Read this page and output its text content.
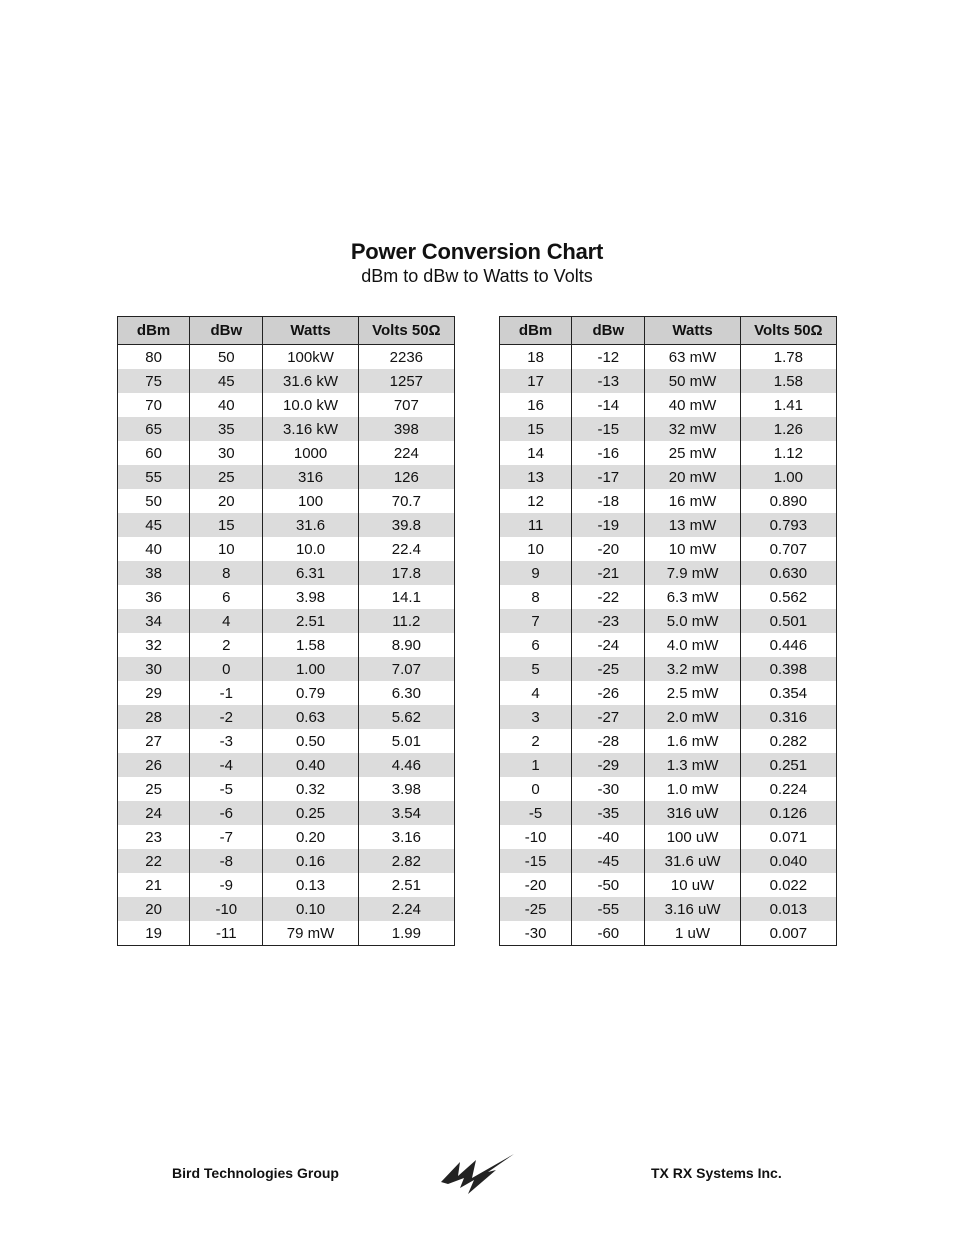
Power Conversion Chart
dBm to dBw to Watts to Volts
dBm	dBw	Watts	Volts 50Ω
80	50	100kW	2236
75	45	31.6 kW	1257
70	40	10.0 kW	707
65	35	3.16 kW	398
60	30	1000	224
55	25	316	126
50	20	100	70.7
45	15	31.6	39.8
40	10	10.0	22.4
38	8	6.31	17.8
36	6	3.98	14.1
34	4	2.51	11.2
32	2	1.58	8.90
30	0	1.00	7.07
29	-1	0.79	6.30
28	-2	0.63	5.62
27	-3	0.50	5.01
26	-4	0.40	4.46
25	-5	0.32	3.98
24	-6	0.25	3.54
23	-7	0.20	3.16
22	-8	0.16	2.82
21	-9	0.13	2.51
20	-10	0.10	2.24
19	-11	79 mW	1.99
dBm	dBw	Watts	Volts 50Ω
18	-12	63 mW	1.78
17	-13	50 mW	1.58
16	-14	40 mW	1.41
15	-15	32 mW	1.26
14	-16	25 mW	1.12
13	-17	20 mW	1.00
12	-18	16 mW	0.890
11	-19	13 mW	0.793
10	-20	10 mW	0.707
9	-21	7.9 mW	0.630
8	-22	6.3 mW	0.562
7	-23	5.0 mW	0.501
6	-24	4.0 mW	0.446
5	-25	3.2 mW	0.398
4	-26	2.5 mW	0.354
3	-27	2.0 mW	0.316
2	-28	1.6 mW	0.282
1	-29	1.3 mW	0.251
0	-30	1.0 mW	0.224
-5	-35	316 uW	0.126
-10	-40	100 uW	0.071
-15	-45	31.6 uW	0.040
-20	-50	10 uW	0.022
-25	-55	3.16 uW	0.013
-30	-60	1 uW	0.007
Bird Technologies Group	TX RX Systems Inc.
